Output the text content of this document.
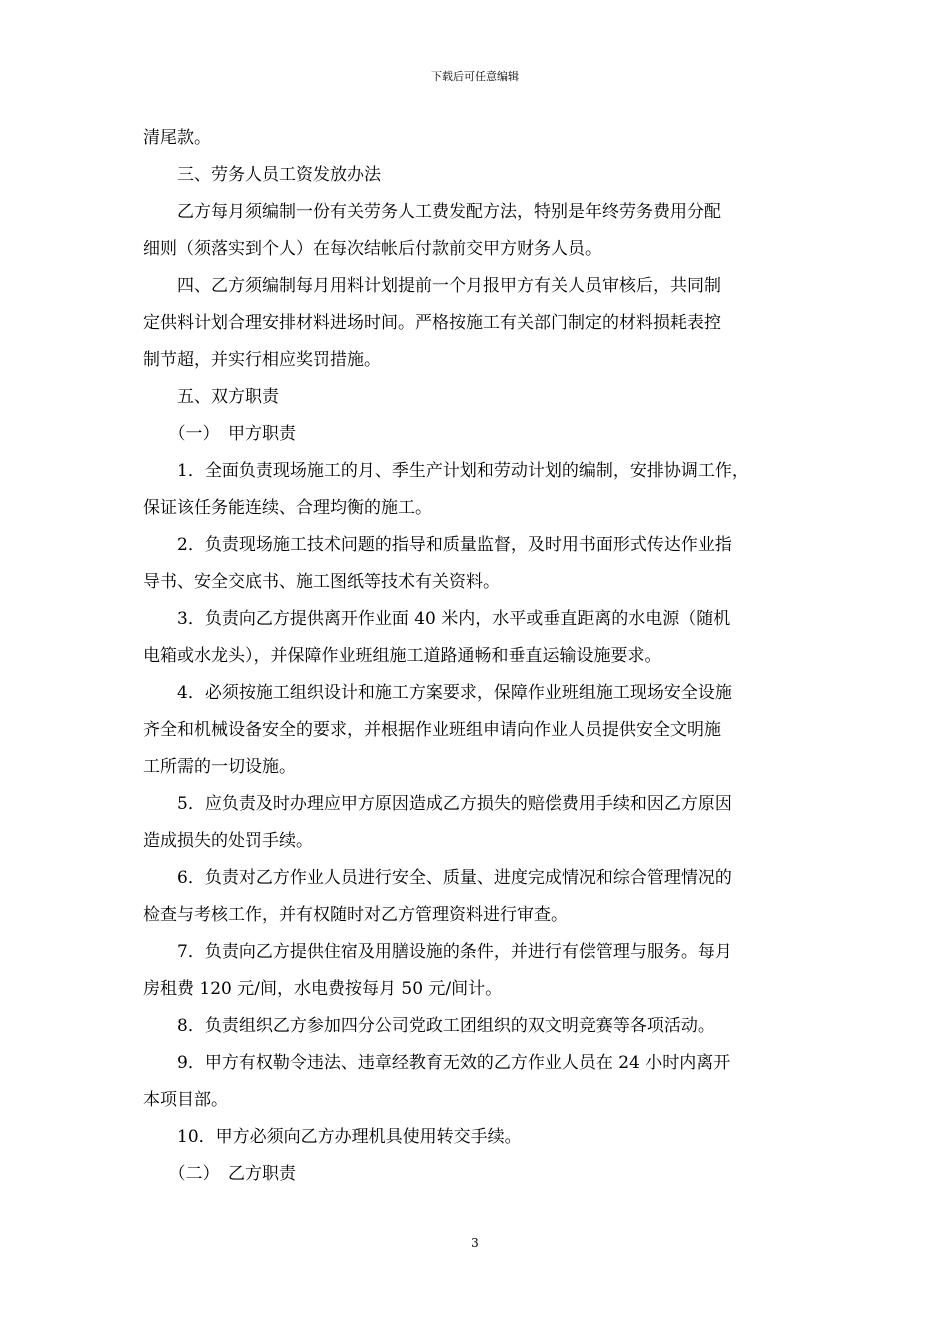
下载后可任意编辑
清尾款。
　　三、劳务人员工资发放办法
　　乙方每月须编制一份有关劳务人工费发配方法，特别是年终劳务费用分配
细则（须落实到个人）在每次结帐后付款前交甲方财务人员。
　　四、乙方须编制每月用料计划提前一个月报甲方有关人员审核后，共同制
定供料计划合理安排材料进场时间。严格按施工有关部门制定的材料损耗表控
制节超，并实行相应奖罚措施。
　　五、双方职责
　　（一）　甲方职责
　　1．全面负责现场施工的月、季生产计划和劳动计划的编制，安排协调工作，
保证该任务能连续、合理均衡的施工。
　　2．负责现场施工技术问题的指导和质量监督，及时用书面形式传达作业指
导书、安全交底书、施工图纸等技术有关资料。
　　3．负责向乙方提供离开作业面 40 米内，水平或垂直距离的水电源（随机
电箱或水龙头），并保障作业班组施工道路通畅和垂直运输设施要求。
　　4．必须按施工组织设计和施工方案要求，保障作业班组施工现场安全设施
齐全和机械设备安全的要求，并根据作业班组申请向作业人员提供安全文明施
工所需的一切设施。
　　5．应负责及时办理应甲方原因造成乙方损失的赔偿费用手续和因乙方原因
造成损失的处罚手续。
　　6．负责对乙方作业人员进行安全、质量、进度完成情况和综合管理情况的
检查与考核工作，并有权随时对乙方管理资料进行审查。
　　7．负责向乙方提供住宿及用膳设施的条件，并进行有偿管理与服务。每月
房租费 120 元/间，水电费按每月 50 元/间计。
　　8．负责组织乙方参加四分公司党政工团组织的双文明竞赛等各项活动。
　　9．甲方有权勒令违法、违章经教育无效的乙方作业人员在 24 小时内离开
本项目部。
　　10．甲方必须向乙方办理机具使用转交手续。
　　（二）　乙方职责
3
